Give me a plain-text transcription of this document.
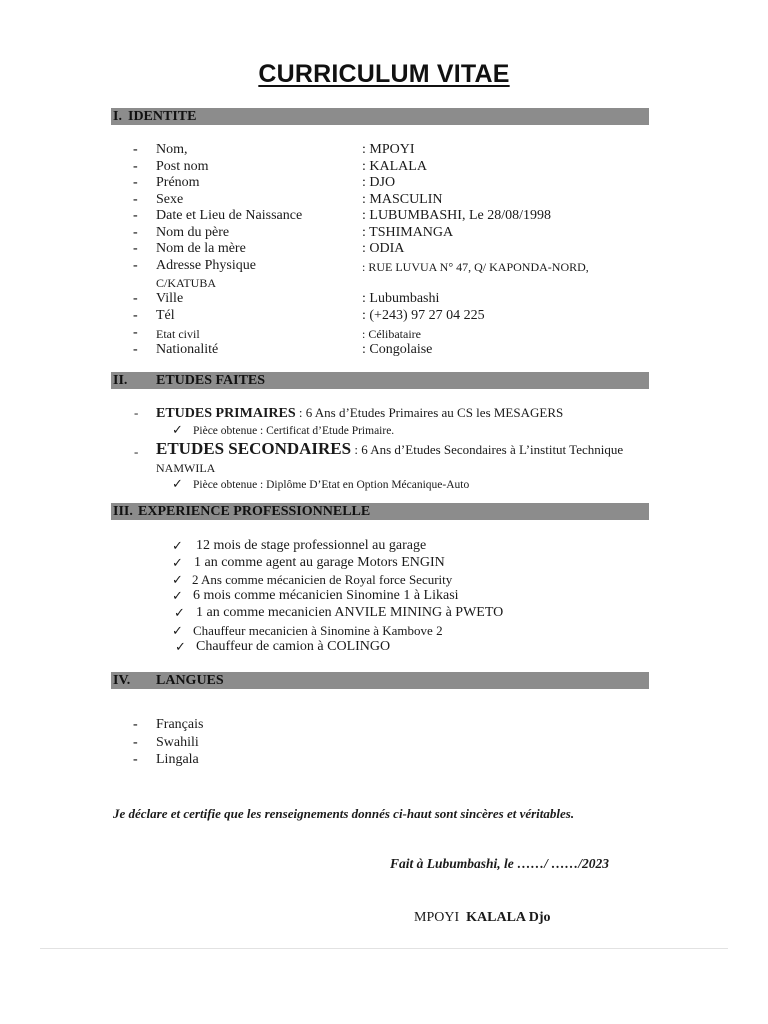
CURRICULUM VITAE
I. IDENTITE
- Nom,	: MPOYI
- Post nom	: KALALA
- Prénom	: DJO
- Sexe	: MASCULIN
- Date et Lieu de Naissance	: LUBUMBASHI, Le 28/08/1998
- Nom du père	: TSHIMANGA
- Nom de la mère	: ODIA
- Adresse Physique	: RUE LUVUA N° 47, Q/ KAPONDA-NORD,
C/KATUBA
- Ville	: Lubumbashi
- Tél	: (+243) 97 27 04 225
- Etat civil	: Célibataire
- Nationalité	: Congolaise
II. ETUDES FAITES
- ETUDES PRIMAIRES : 6 Ans d’Etudes Primaires au CS les MESAGERS
✓ Pièce obtenue : Certificat d’Etude Primaire.
- ETUDES SECONDAIRES : 6 Ans d’Etudes Secondaires à L’institut Technique
NAMWILA
✓ Pièce obtenue : Diplôme D’Etat en Option Mécanique-Auto
III. EXPERIENCE PROFESSIONNELLE
✓ 12 mois de stage professionnel au garage
✓ 1 an comme agent au garage Motors ENGIN
✓ 2 Ans comme mécanicien de Royal force Security
✓ 6 mois comme mécanicien Sinomine 1 à Likasi
✓ 1 an comme mecanicien ANVILE MINING à PWETO
✓ Chauffeur mecanicien à Sinomine à Kambove 2
✓ Chauffeur de camion à COLINGO
IV. LANGUES
- Français
- Swahili
- Lingala
Je déclare et certifie que les renseignements donnés ci-haut sont sincères et véritables.
Fait à Lubumbashi, le ……/ ……/2023
MPOYI KALALA Djo
